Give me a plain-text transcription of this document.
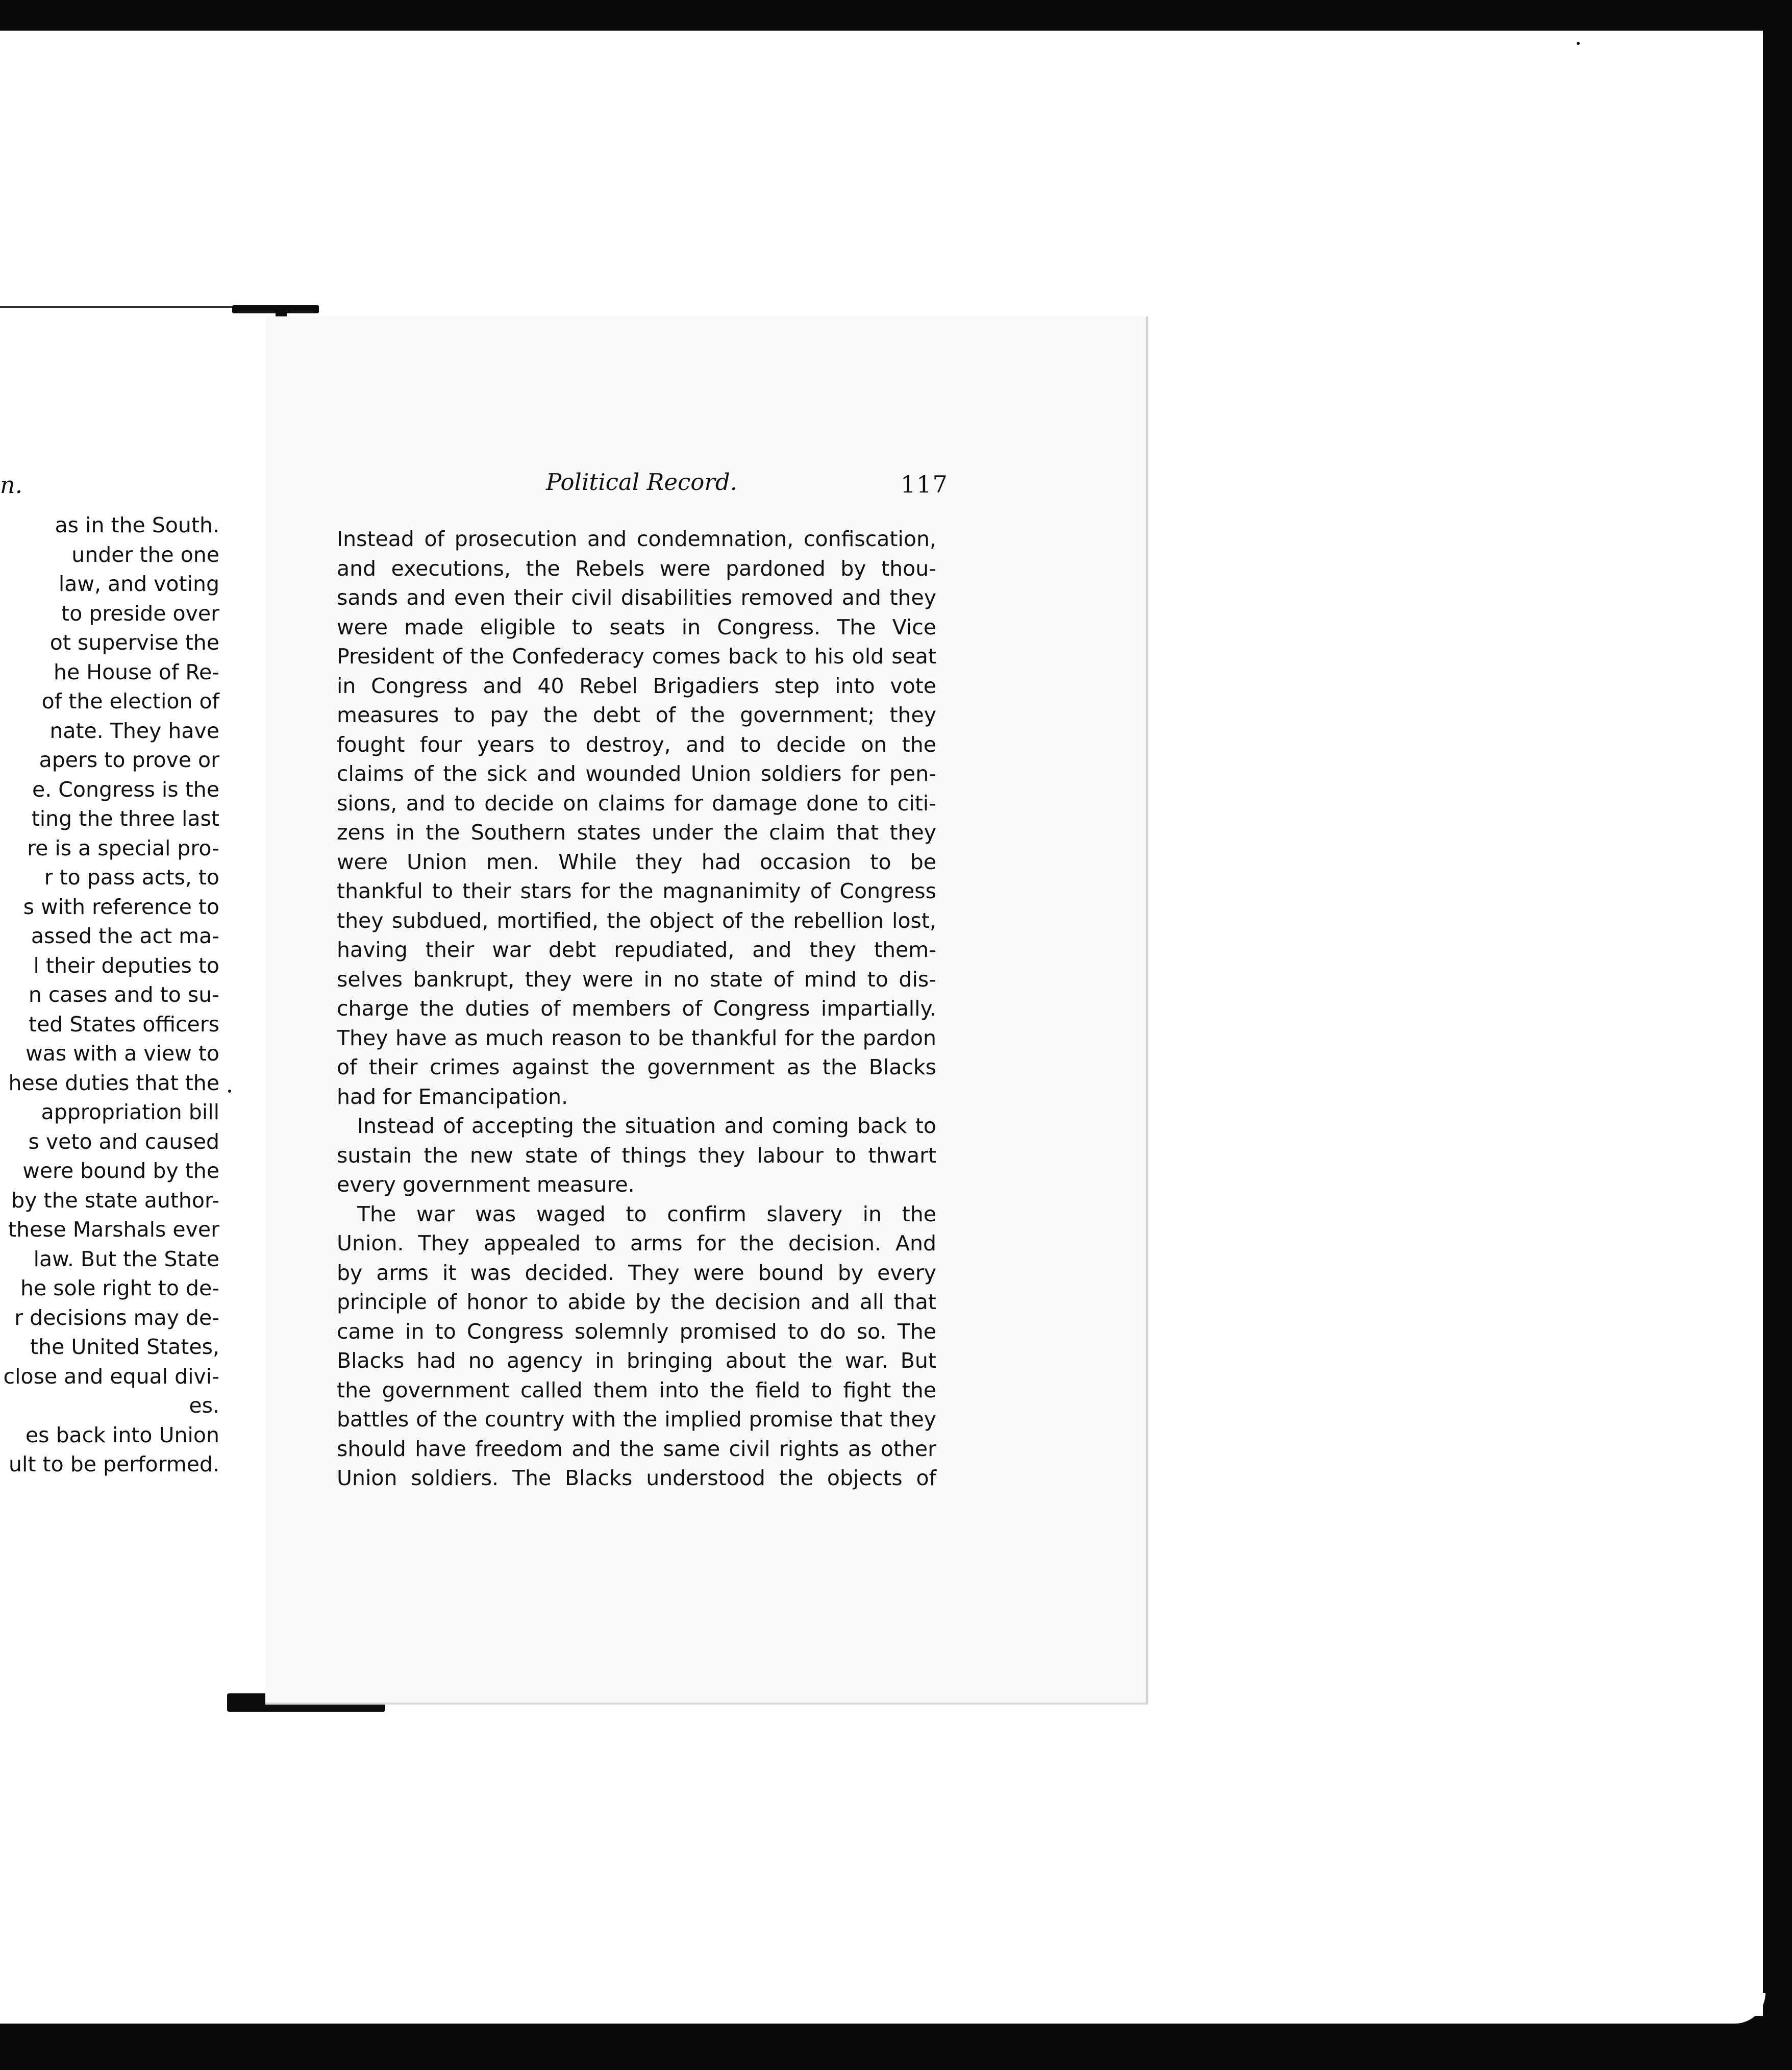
n.
as in the South.
under the one
law, and voting
to preside over
ot supervise the
he House of Re-
of the election of
nate. They have
apers to prove or
e. Congress is the
ting the three last
re is a special pro-
r to pass acts, to
s with reference to
assed the act ma-
l their deputies to
n cases and to su-
ted States officers
was with a view to
hese duties that the
appropriation bill
s veto and caused
were bound by the
by the state author-
these Marshals ever
law. But the State
he sole right to de-
r decisions may de-
the United States,
close and equal divi-
es.
es back into Union
ult to be performed.
Political Record.	117
Instead of prosecution and condemnation, confiscation,
and executions, the Rebels were pardoned by thou-
sands and even their civil disabilities removed and they
were made eligible to seats in Congress. The Vice
President of the Confederacy comes back to his old seat
in Congress and 40 Rebel Brigadiers step into vote
measures to pay the debt of the government; they
fought four years to destroy, and to decide on the
claims of the sick and wounded Union soldiers for pen-
sions, and to decide on claims for damage done to citi-
zens in the Southern states under the claim that they
were Union men. While they had occasion to be
thankful to their stars for the magnanimity of Congress
they subdued, mortified, the object of the rebellion lost,
having their war debt repudiated, and they them-
selves bankrupt, they were in no state of mind to dis-
charge the duties of members of Congress impartially.
They have as much reason to be thankful for the pardon
of their crimes against the government as the Blacks
had for Emancipation.
Instead of accepting the situation and coming back to
sustain the new state of things they labour to thwart
every government measure.
The war was waged to confirm slavery in the
Union. They appealed to arms for the decision. And
by arms it was decided. They were bound by every
principle of honor to abide by the decision and all that
came in to Congress solemnly promised to do so. The
Blacks had no agency in bringing about the war. But
the government called them into the field to fight the
battles of the country with the implied promise that they
should have freedom and the same civil rights as other
Union soldiers. The Blacks understood the objects of
